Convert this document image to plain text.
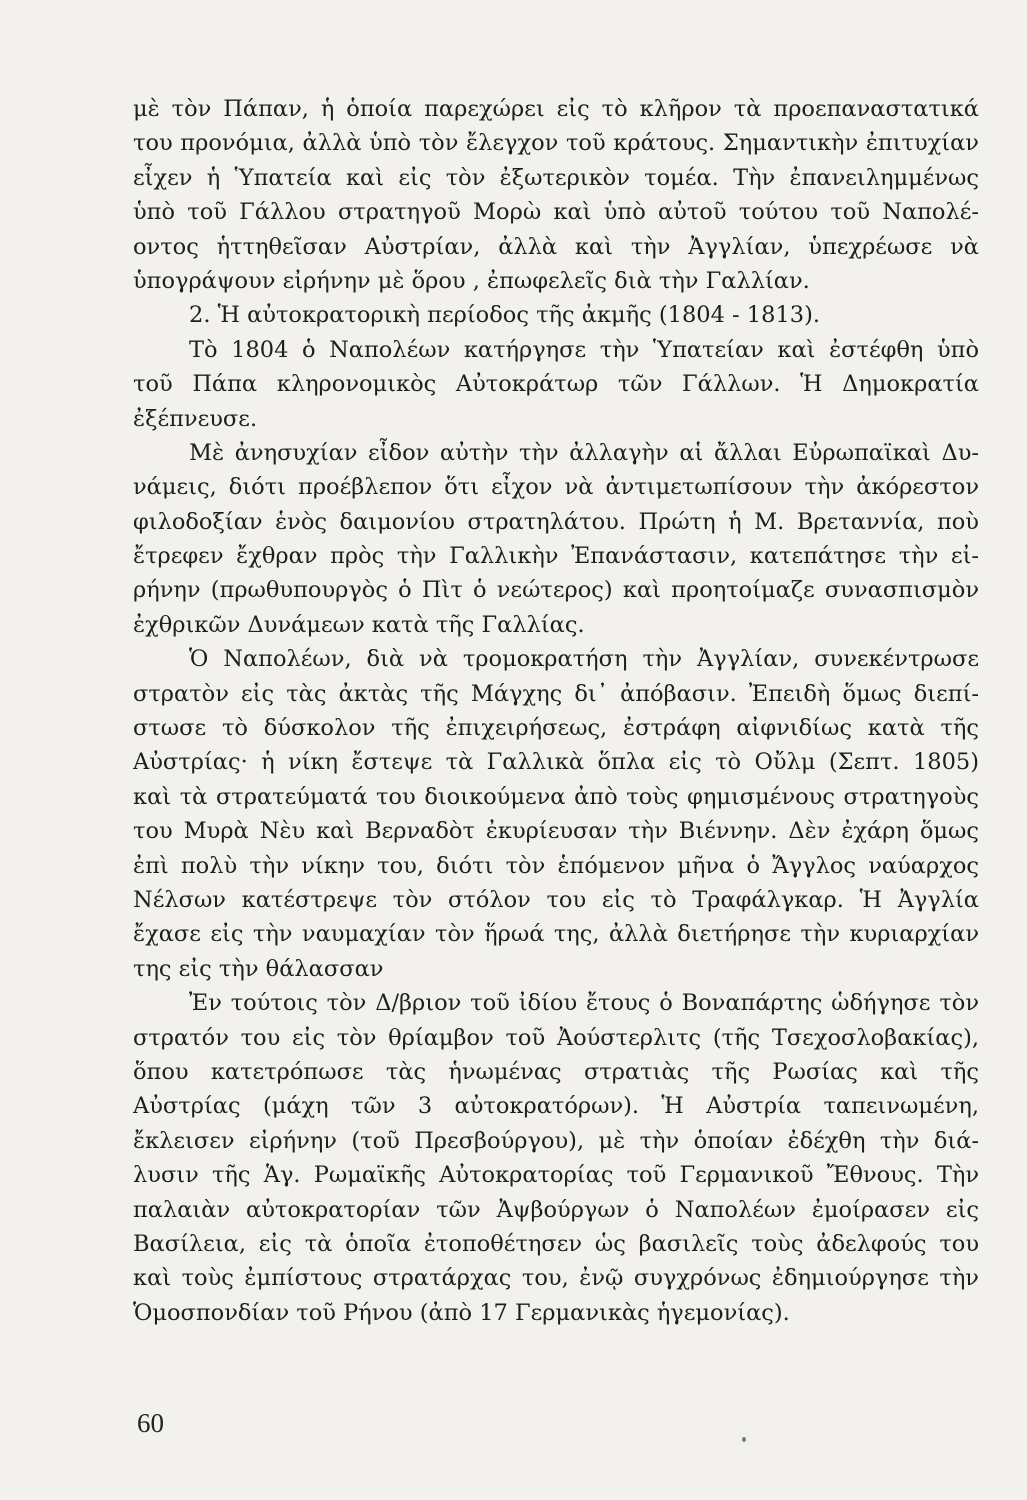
μὲ τὸν Πάπαν, ἡ ὁποία παρεχώρει εἰς τὸ κλῆρον τὰ προεπαναστατικά
του προνόμια, ἀλλὰ ὑπὸ τὸν ἔλεγχον τοῦ κράτους. Σημαντικὴν ἐπιτυχίαν
εἶχεν ἡ Ὑπατεία καὶ εἰς τὸν ἐξωτερικὸν τομέα. Τὴν ἐπανειλημμένως
ὑπὸ τοῦ Γάλλου στρατηγοῦ Μορὼ καὶ ὑπὸ αὐτοῦ τούτου τοῦ Ναπολέ-
οντος ἡττηθεῖσαν Αὐστρίαν, ἀλλὰ καὶ τὴν Ἀγγλίαν, ὑπεχρέωσε νὰ
ὑπογράψουν εἰρήνην μὲ ὅρου , ἐπωφελεῖς διὰ τὴν Γαλλίαν.
2. Ἡ αὐτοκρατορικὴ περίοδος τῆς ἀκμῆς (1804 - 1813).
Τὸ 1804 ὁ Ναπολέων κατήργησε τὴν Ὑπατείαν καὶ ἐστέφθη ὑπὸ
τοῦ Πάπα κληρονομικὸς Αὐτοκράτωρ τῶν Γάλλων. Ἡ Δημοκρατία
ἐξέπνευσε.
Μὲ ἀνησυχίαν εἶδον αὐτὴν τὴν ἀλλαγὴν αἱ ἄλλαι Εὐρωπαϊκαὶ Δυ-
νάμεις, διότι προέβλεπον ὅτι εἶχον νὰ ἀντιμετωπίσουν τὴν ἀκόρεστον
φιλοδοξίαν ἑνὸς δαιμονίου στρατηλάτου. Πρώτη ἡ Μ. Βρεταννία, ποὺ
ἔτρεφεν ἔχθραν πρὸς τὴν Γαλλικὴν Ἐπανάστασιν, κατεπάτησε τὴν εἰ-
ρήνην (πρωθυπουργὸς ὁ Πὶτ ὁ νεώτερος) καὶ προητοίμαζε συνασπισμὸν
ἐχθρικῶν Δυνάμεων κατὰ τῆς Γαλλίας.
Ὁ Ναπολέων, διὰ νὰ τρομοκρατήση τὴν Ἀγγλίαν, συνεκέντρωσε
στρατὸν εἰς τὰς ἀκτὰς τῆς Μάγχης δι᾽ ἀπόβασιν. Ἐπειδὴ ὅμως διεπί-
στωσε τὸ δύσκολον τῆς ἐπιχειρήσεως, ἐστράφη αἰφνιδίως κατὰ τῆς
Αὐστρίας· ἡ νίκη ἔστεψε τὰ Γαλλικὰ ὅπλα εἰς τὸ Οὔλμ (Σεπτ. 1805)
καὶ τὰ στρατεύματά του διοικούμενα ἀπὸ τοὺς φημισμένους στρατηγοὺς
του Μυρὰ Νὲυ καὶ Βερναδὸτ ἐκυρίευσαν τὴν Βιέννην. Δὲν ἐχάρη ὅμως
ἐπὶ πολὺ τὴν νίκην του, διότι τὸν ἑπόμενον μῆνα ὁ Ἄγγλος ναύαρχος
Νέλσων κατέστρεψε τὸν στόλον του εἰς τὸ Τραφάλγκαρ. Ἡ Ἀγγλία
ἔχασε εἰς τὴν ναυμαχίαν τὸν ἥρωά της, ἀλλὰ διετήρησε τὴν κυριαρχίαν
της εἰς τὴν θάλασσαν
Ἐν τούτοις τὸν Δ/βριον τοῦ ἰδίου ἔτους ὁ Βοναπάρτης ὡδήγησε τὸν
στρατόν του εἰς τὸν θρίαμβον τοῦ Ἀούστερλιτς (τῆς Τσεχοσλοβακίας),
ὅπου κατετρόπωσε τὰς ἡνωμένας στρατιὰς τῆς Ρωσίας καὶ τῆς
Αὐστρίας (μάχη τῶν 3 αὐτοκρατόρων). Ἡ Αὐστρία ταπεινωμένη,
ἔκλεισεν εἰρήνην (τοῦ Πρεσβούργου), μὲ τὴν ὁποίαν ἐδέχθη τὴν διά-
λυσιν τῆς Ἁγ. Ρωμαϊκῆς Αὐτοκρατορίας τοῦ Γερμανικοῦ Ἔθνους. Τὴν
παλαιὰν αὐτοκρατορίαν τῶν Ἀψβούργων ὁ Ναπολέων ἐμοίρασεν εἰς
Βασίλεια, εἰς τὰ ὁποῖα ἐτοποθέτησεν ὡς βασιλεῖς τοὺς ἀδελφούς του
καὶ τοὺς ἐμπίστους στρατάρχας του, ἐνῷ συγχρόνως ἐδημιούργησε τὴν
Ὁμοσπονδίαν τοῦ Ρήνου (ἀπὸ 17 Γερμανικὰς ἡγεμονίας).
60
